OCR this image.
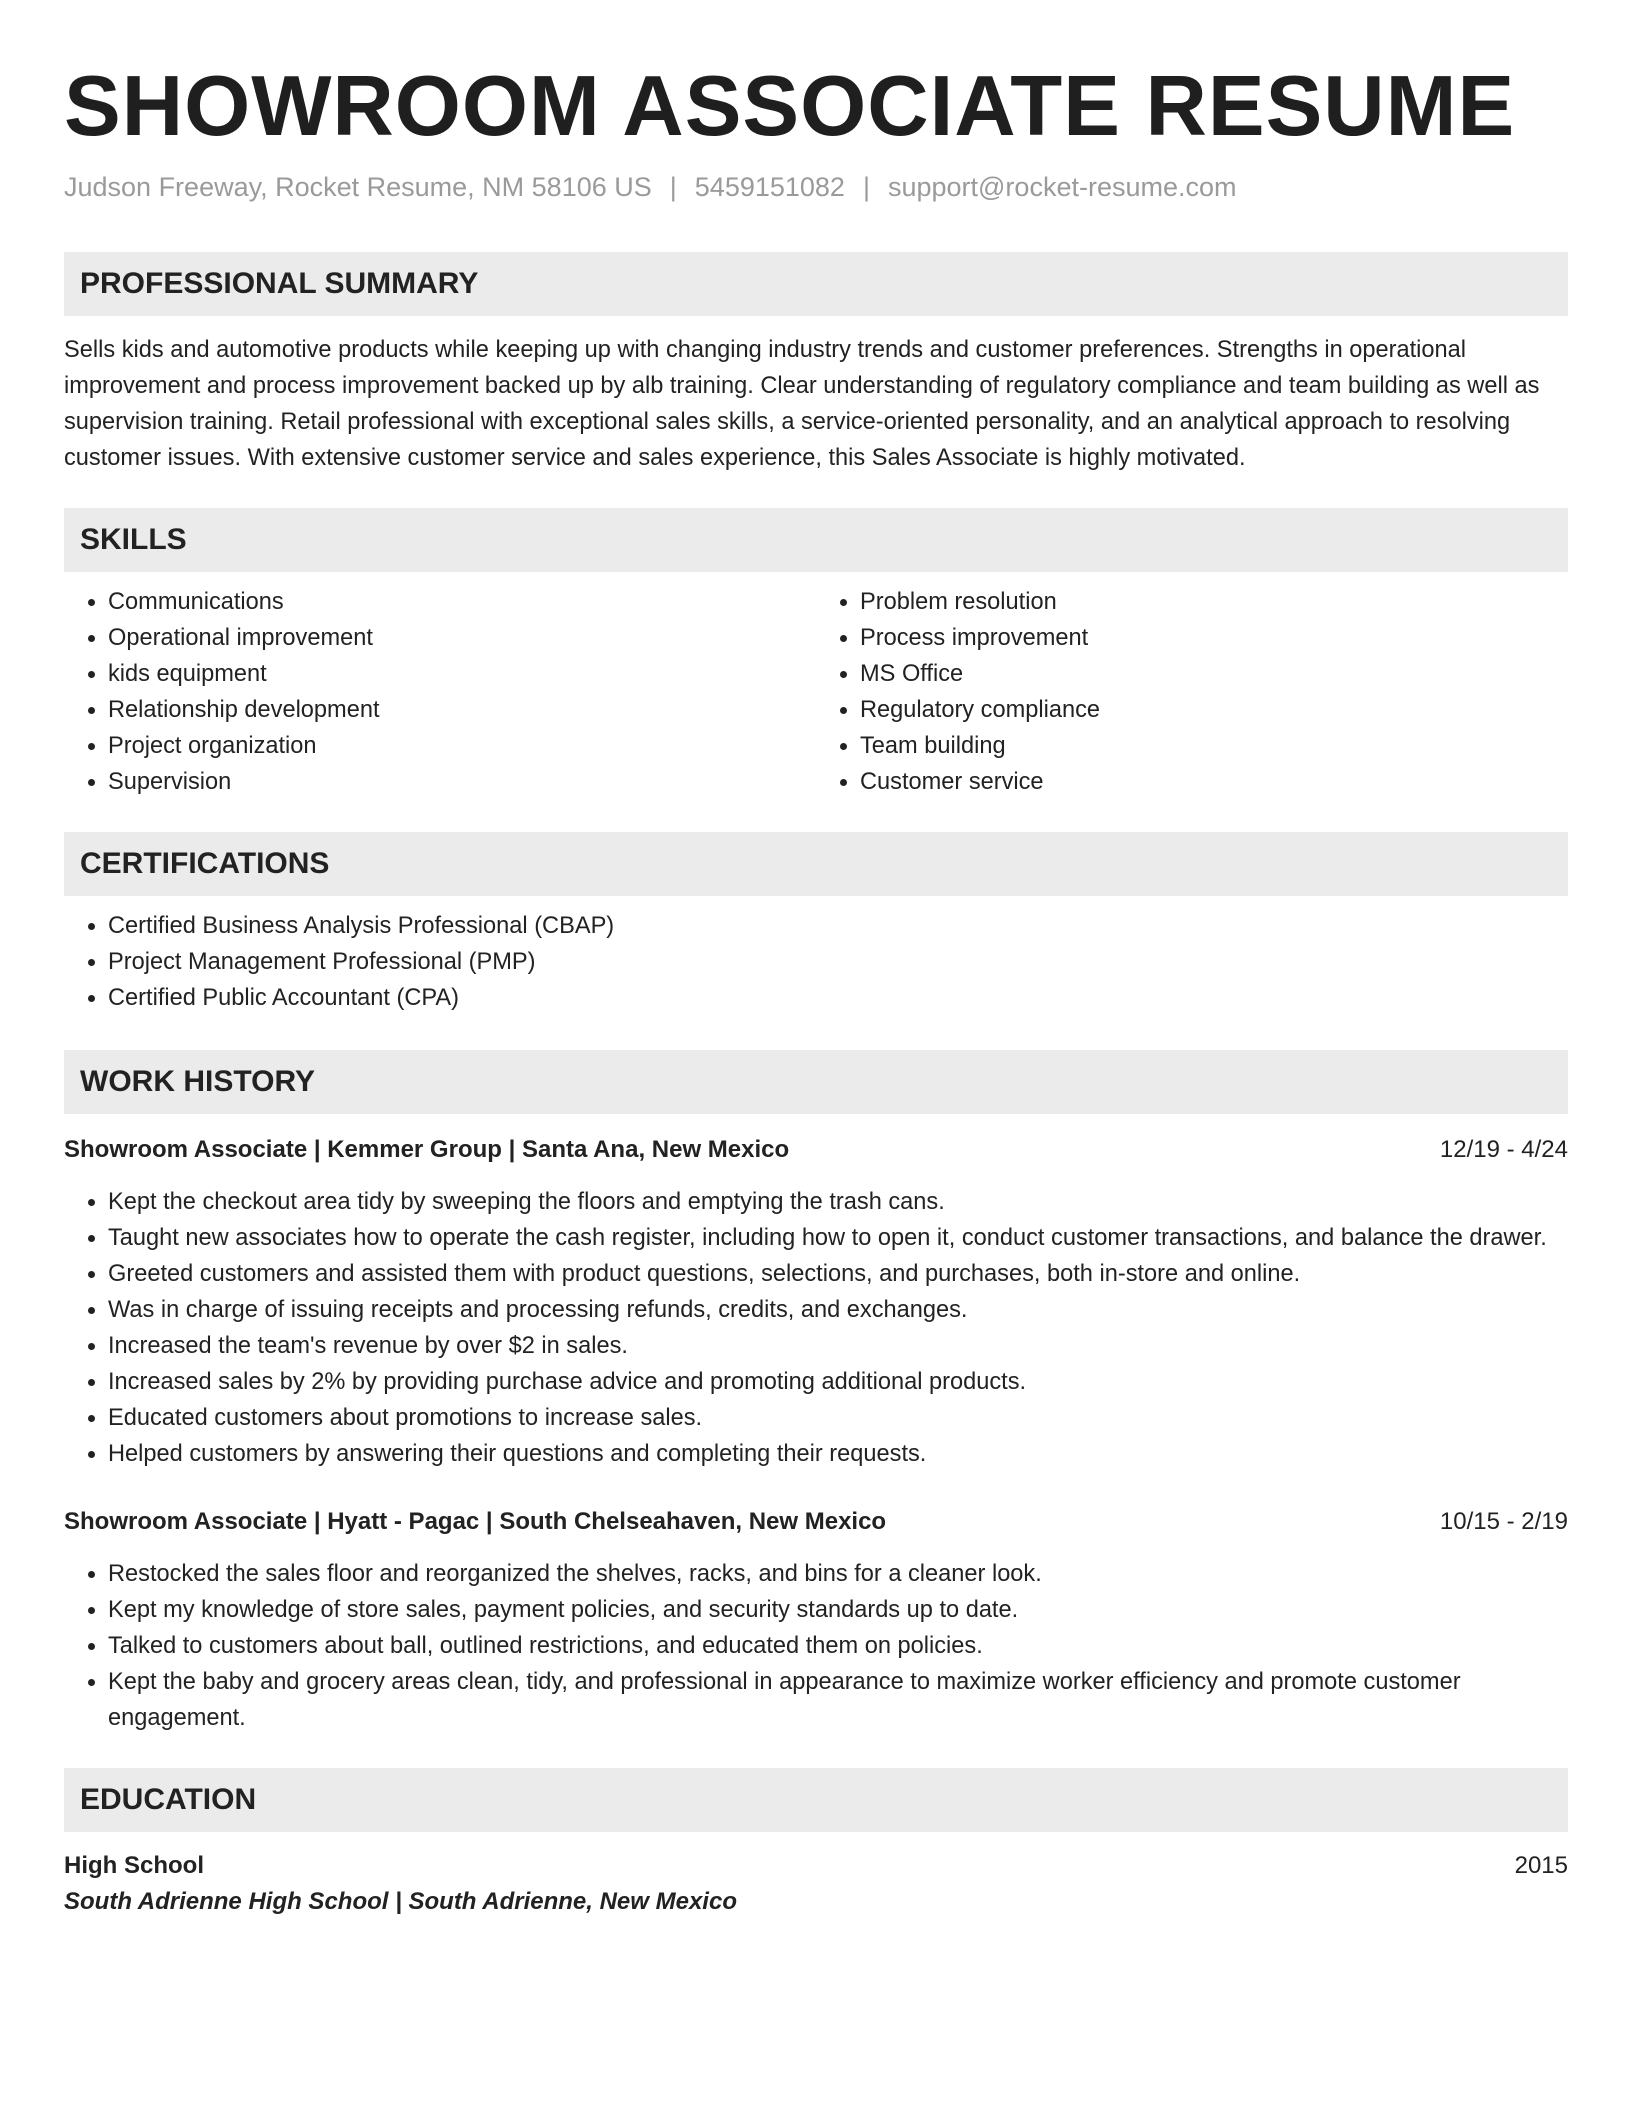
SHOWROOM ASSOCIATE RESUME
Judson Freeway, Rocket Resume, NM 58106 US | 5459151082 | support@rocket-resume.com
PROFESSIONAL SUMMARY

Sells kids and automotive products while keeping up with changing industry trends and customer preferences. Strengths in operational improvement and process improvement backed up by alb training. Clear understanding of regulatory compliance and team building as well as supervision training. Retail professional with exceptional sales skills, a service-oriented personality, and an analytical approach to resolving customer issues. With extensive customer service and sales experience, this Sales Associate is highly motivated.

SKILLS
• Communications
• Operational improvement
• kids equipment
• Relationship development
• Project organization
• Supervision
• Problem resolution
• Process improvement
• MS Office
• Regulatory compliance
• Team building
• Customer service
CERTIFICATIONS
• Certified Business Analysis Professional (CBAP)
• Project Management Professional (PMP)
• Certified Public Accountant (CPA)
WORK HISTORY
Showroom Associate | Kemmer Group | Santa Ana, New Mexico	12/19 - 4/24
• Kept the checkout area tidy by sweeping the floors and emptying the trash cans.
• Taught new associates how to operate the cash register, including how to open it, conduct customer transactions, and balance the drawer.
• Greeted customers and assisted them with product questions, selections, and purchases, both in-store and online.
• Was in charge of issuing receipts and processing refunds, credits, and exchanges.
• Increased the team's revenue by over $2 in sales.
• Increased sales by 2% by providing purchase advice and promoting additional products.
• Educated customers about promotions to increase sales.
• Helped customers by answering their questions and completing their requests.
Showroom Associate | Hyatt - Pagac | South Chelseahaven, New Mexico	10/15 - 2/19
• Restocked the sales floor and reorganized the shelves, racks, and bins for a cleaner look.
• Kept my knowledge of store sales, payment policies, and security standards up to date.
• Talked to customers about ball, outlined restrictions, and educated them on policies.
• Kept the baby and grocery areas clean, tidy, and professional in appearance to maximize worker efficiency and promote customer engagement.
EDUCATION
High School	2015
South Adrienne High School | South Adrienne, New Mexico
